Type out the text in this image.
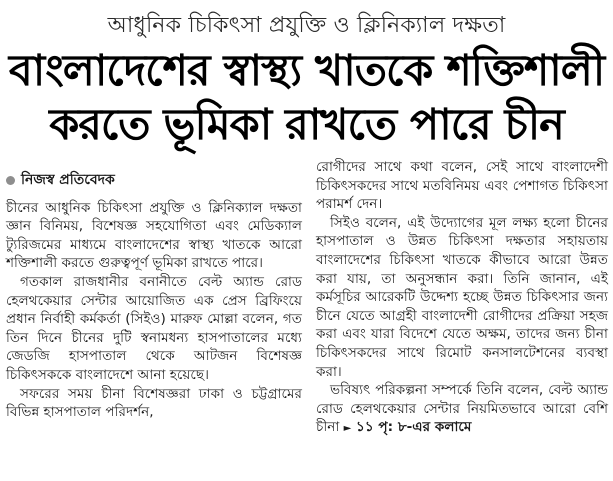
আধুনিক চিকিৎসা প্রযুক্তি ও ক্লিনিক্যাল দক্ষতা
বাংলাদেশের স্বাস্থ্য খাতকে শক্তিশালী
করতে ভূমিকা রাখতে পারে চীন
নিজস্ব প্রতিবেদক

চীনের আধুনিক চিকিৎসা প্রযুক্তি ও ক্লিনিক্যাল দক্ষতা জ্ঞান বিনিময়, বিশেষজ্ঞ সহযোগিতা এবং মেডিক্যাল ট্যুরিজমের মাধ্যমে বাংলাদেশের স্বাস্থ্য খাতকে আরো শক্তিশালী করতে গুরুত্বপূর্ণ ভূমিকা রাখতে পারে।

গতকাল রাজধানীর বনানীতে বেল্ট অ্যান্ড রোড হেলথকেয়ার সেন্টার আয়োজিত এক প্রেস ব্রিফিংয়ে প্রধান নির্বাহী কর্মকর্তা (সিইও) মারুফ মোল্লা বলেন, গত তিন দিনে চীনের দুটি স্বনামধন্য হাসপাতালের মধ্যে জেডজি হাসপাতাল থেকে আটজন বিশেষজ্ঞ চিকিৎসককে বাংলাদেশে আনা হয়েছে।

সফরের সময় চীনা বিশেষজ্ঞরা ঢাকা ও চট্টগ্রামের বিভিন্ন হাসপাতাল পরিদর্শন,

রোগীদের সাথে কথা বলেন, সেই সাথে বাংলাদেশী চিকিৎসকদের সাথে মতবিনিময় এবং পেশাগত চিকিৎসা পরামর্শ দেন।

সিইও বলেন, এই উদ্যোগের মূল লক্ষ্য হলো চীনের হাসপাতাল ও উন্নত চিকিৎসা দক্ষতার সহায়তায় বাংলাদেশের চিকিৎসা খাতকে কীভাবে আরো উন্নত করা যায়, তা অনুসন্ধান করা। তিনি জানান, এই কর্মসূচির আরেকটি উদ্দেশ্য হচ্ছে উন্নত চিকিৎসার জন্য চীনে যেতে আগ্রহী বাংলাদেশী রোগীদের প্রক্রিয়া সহজ করা এবং যারা বিদেশে যেতে অক্ষম, তাদের জন্য চীনা চিকিৎসকদের সাথে রিমোট কনসালটেশনের ব্যবস্থা করা।

ভবিষ্যৎ পরিকল্পনা সম্পর্কে তিনি বলেন, বেল্ট অ্যান্ড রোড হেলথকেয়ার সেন্টার নিয়মিতভাবে আরো বেশি চীনা ► ১১ পৃ: ৮-এর কলামে
